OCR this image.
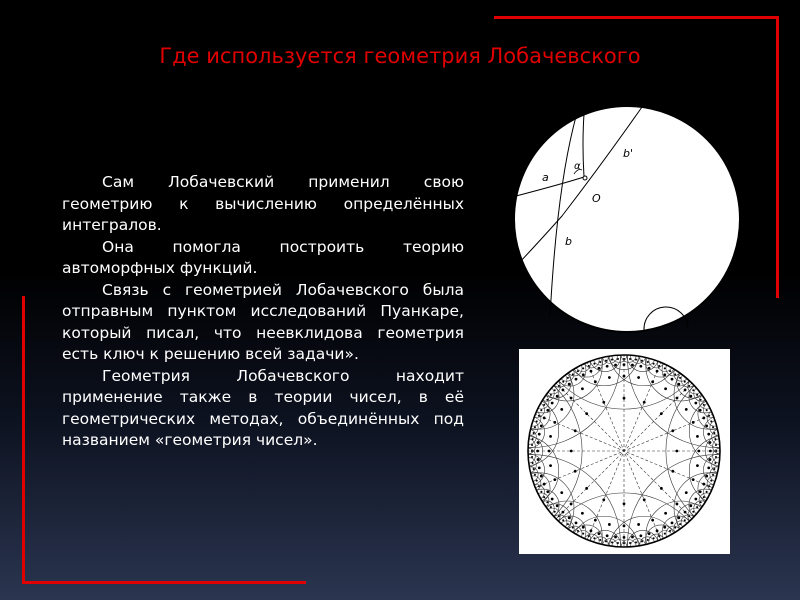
Где используется геометрия Лобачевского

Сам Лобачевский применил свою геометрию к вычислению определённых интегралов.

Она помогла построить теорию автоморфных функций.

Связь с геометрией Лобачевского была отправным пунктом исследований Пуанкаре, который писал, что неевклидова геометрия есть ключ к решению всей задачи».

Геометрия Лобачевского находит применение также в теории чисел, в её геометрических методах, объединённых под названием «геометрия чисел».

a
α
b'
O
b
